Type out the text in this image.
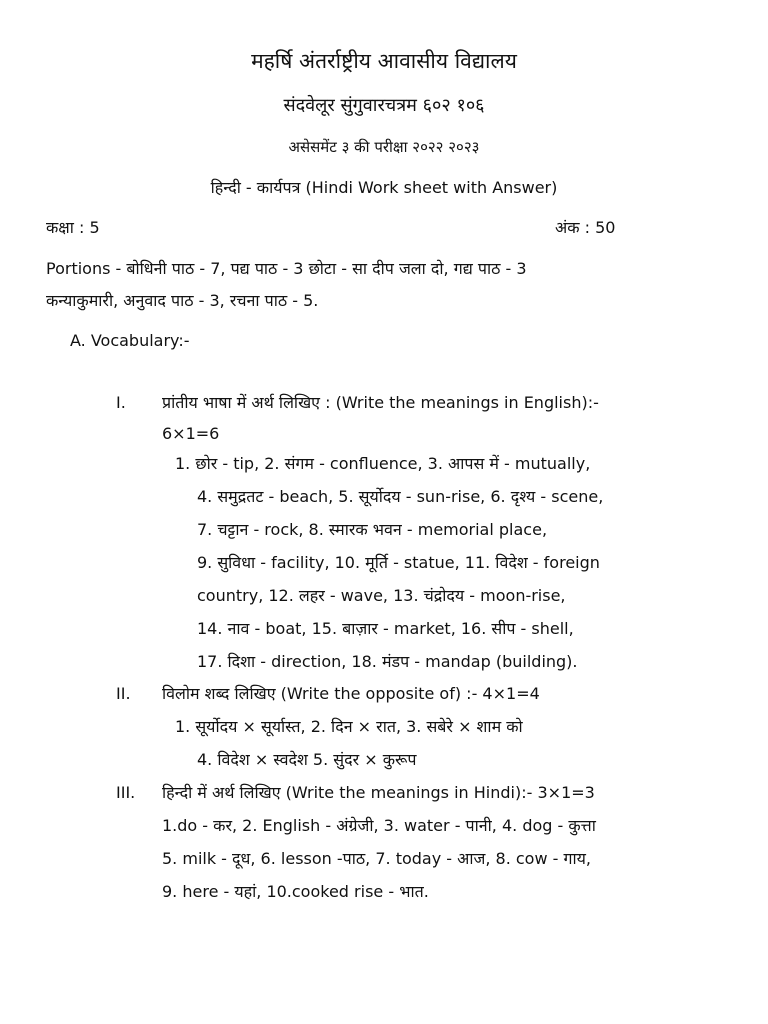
महर्षि अंतर्राष्ट्रीय आवासीय विद्यालय
संदवेलूर सुंगुवारचत्रम ६०२ १०६
असेसमेंट ३ की परीक्षा २०२२ २०२३
हिन्दी - कार्यपत्र (Hindi Work sheet with Answer)
कक्षा : 5	अंक : 50
Portions - बोधिनी पाठ - 7, पद्य पाठ - 3 छोटा - सा दीप जला दो, गद्य पाठ - 3
कन्याकुमारी, अनुवाद पाठ - 3, रचना पाठ - 5.
A. Vocabulary:-
I. प्रांतीय भाषा में अर्थ लिखिए : (Write the meanings in English):-
6×1=6
1. छोर - tip, 2. संगम - confluence, 3. आपस में - mutually,
4. समुद्रतट - beach, 5. सूर्योदय - sun-rise, 6. दृश्य - scene,
7. चट्टान - rock, 8. स्मारक भवन - memorial place,
9. सुविधा - facility, 10. मूर्ति - statue, 11. विदेश - foreign
country, 12. लहर - wave, 13. चंद्रोदय - moon-rise,
14. नाव - boat, 15. बाज़ार - market, 16. सीप - shell,
17. दिशा - direction, 18. मंडप - mandap (building).
II. विलोम शब्द लिखिए (Write the opposite of) :- 4×1=4
1. सूर्योदय × सूर्यास्त, 2. दिन × रात, 3. सबेरे × शाम को
4. विदेश × स्वदेश 5. सुंदर × कुरूप
III. हिन्दी में अर्थ लिखिए (Write the meanings in Hindi):- 3×1=3
1.do - कर, 2. English - अंग्रेजी, 3. water - पानी, 4. dog - कुत्ता
5. milk - दूध, 6. lesson -पाठ, 7. today - आज, 8. cow - गाय,
9. here - यहां, 10.cooked rise - भात.
